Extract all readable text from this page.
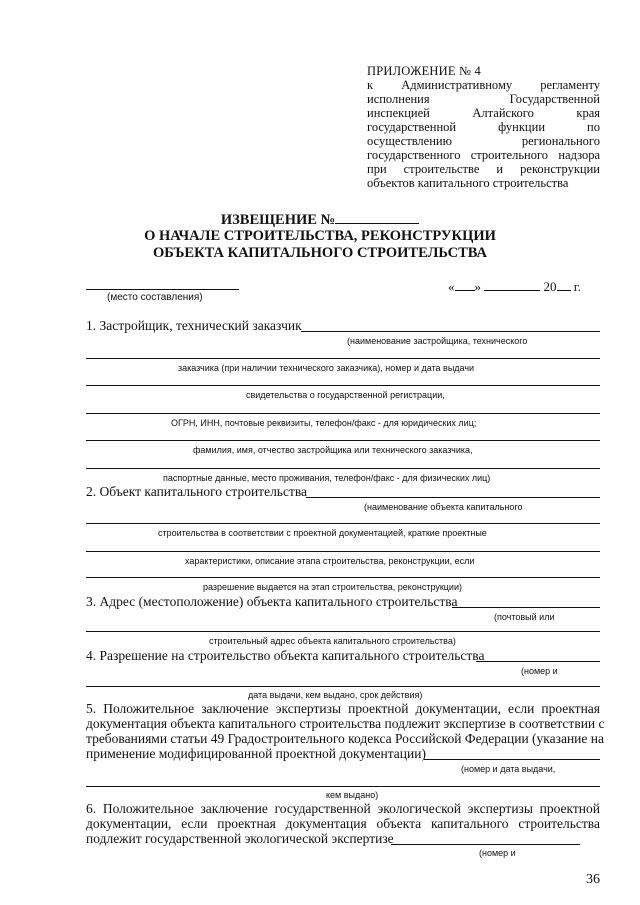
ПРИЛОЖЕНИЕ № 4
к Административному регламенту
исполнения Государственной
инспекцией Алтайского края
государственной функции по
осуществлению регионального
государственного строительного надзора
при строительстве и реконструкции
объектов капитального строительства
ИЗВЕЩЕНИЕ №
О НАЧАЛЕ СТРОИТЕЛЬСТВА, РЕКОНСТРУКЦИИ
ОБЪЕКТА КАПИТАЛЬНОГО СТРОИТЕЛЬСТВА
(место составления)
« »	20 г.
1. Застройщик, технический заказчик
(наименование застройщика, технического
заказчика (при наличии технического заказчика), номер и дата выдачи
свидетельства о государственной регистрации,
ОГРН, ИНН, почтовые реквизиты, телефон/факс - для юридических лиц;
фамилия, имя, отчество застройщика или технического заказчика,
паспортные данные, место проживания, телефон/факс - для физических лиц)
2. Объект капитального строительства
(наименование объекта капитального
строительства в соответствии с проектной документацией, краткие проектные
характеристики, описание этапа строительства, реконструкции, если
разрешение выдается на этап строительства, реконструкции)
3. Адрес (местоположение) объекта капитального строительства
(почтовый или
строительный адрес объекта капитального строительства)
4. Разрешение на строительство объекта капитального строительства
(номер и
дата выдачи, кем выдано, срок действия)
5. Положительное заключение экспертизы проектной документации, если проектная
документация объекта капитального строительства подлежит экспертизе в соответствии с
требованиями статьи 49 Градостроительного кодекса Российской Федерации (указание на
применение модифицированной проектной документации)
(номер и дата выдачи,
кем выдано)
6. Положительное заключение государственной экологической экспертизы проектной
документации, если проектная документация объекта капитального строительства
подлежит государственной экологической экспертизе
(номер и
36
